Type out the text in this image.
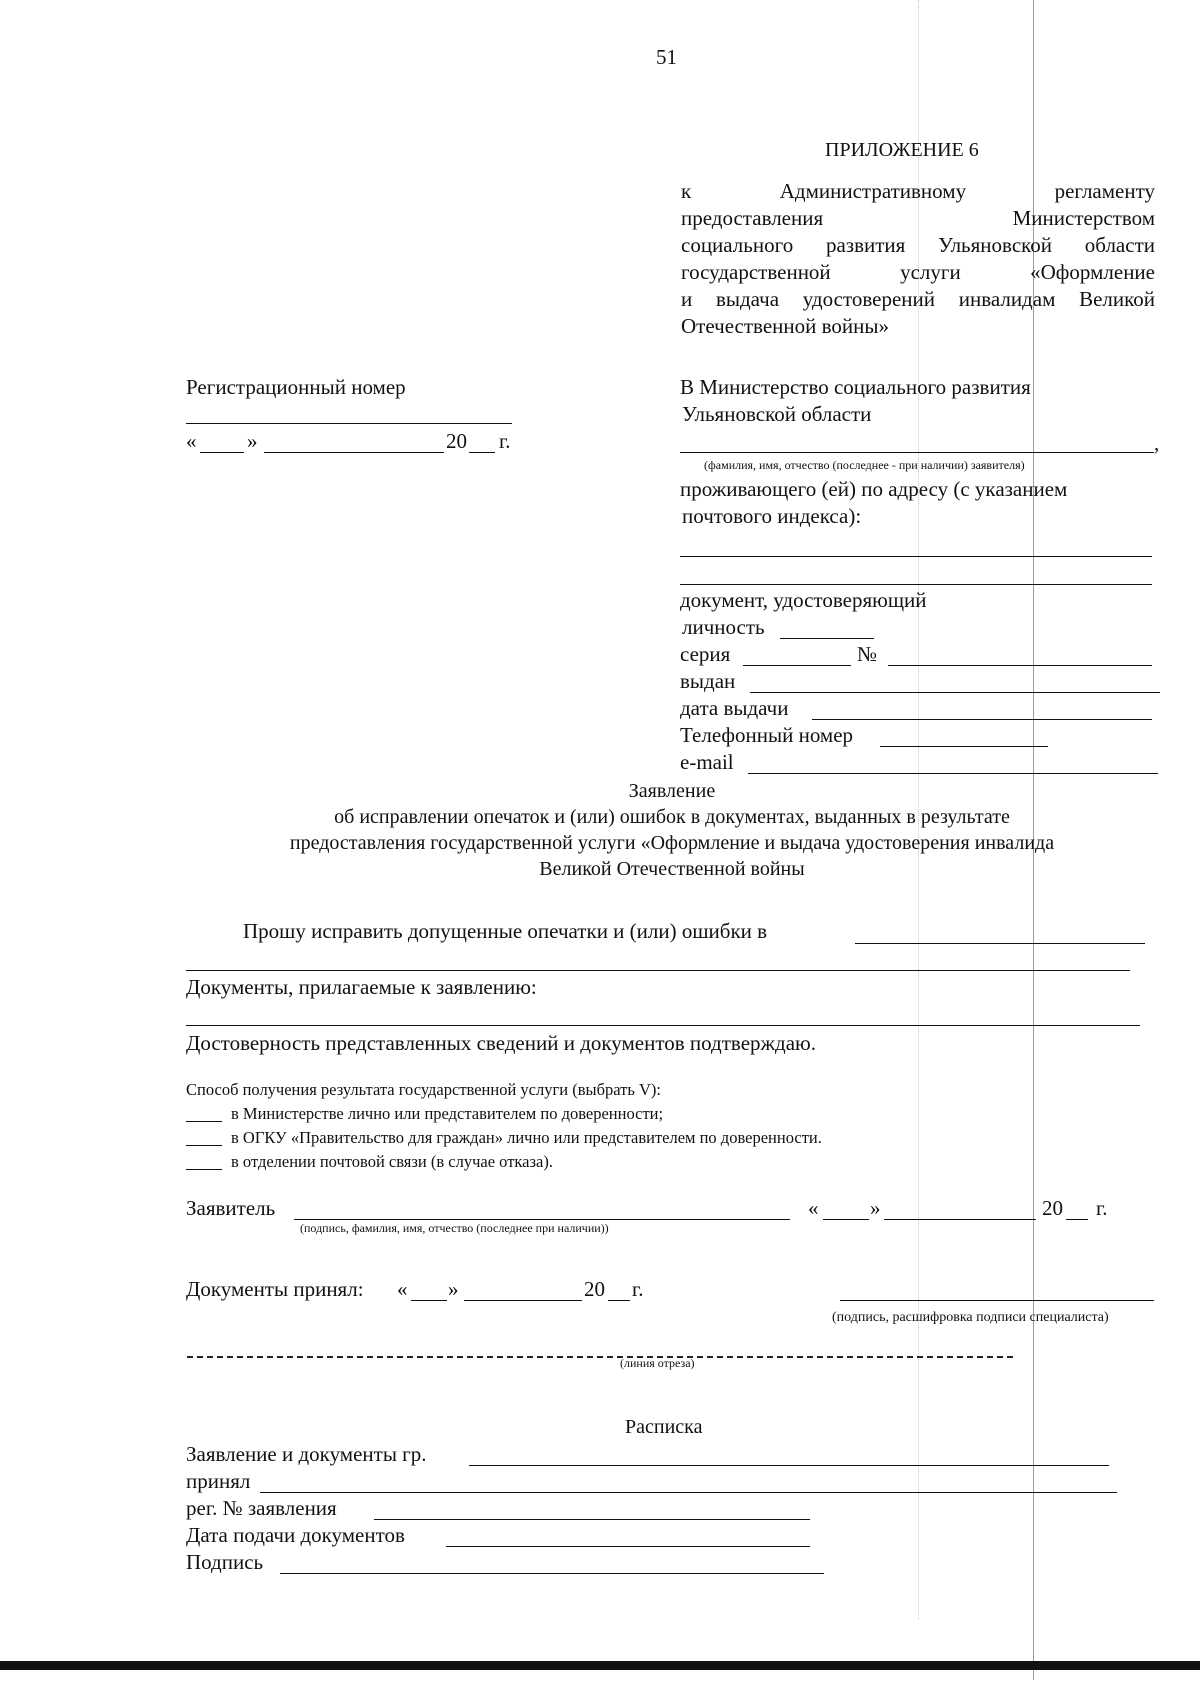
51
ПРИЛОЖЕНИЕ 6
к Административному регламенту
предоставления Министерством
социального развития Ульяновской области
государственной услуги «Оформление
и выдача удостоверений инвалидам Великой
Отечественной войны»
Регистрационный номер
« »	20 г.
В Министерство социального развития
Ульяновской области
,
(фамилия, имя, отчество (последнее - при наличии) заявителя)
проживающего (ей) по адресу (с указанием
почтового индекса):
документ, удостоверяющий
личность
серия	№
выдан
дата выдачи
Телефонный номер
e-mail
Заявление
об исправлении опечаток и (или) ошибок в документах, выданных в результате
предоставления государственной услуги «Оформление и выдача удостоверения инвалида
Великой Отечественной войны
Прошу исправить допущенные опечатки и (или) ошибки в
Документы, прилагаемые к заявлению:
Достоверность представленных сведений и документов подтверждаю.
Способ получения результата государственной услуги (выбрать V):
в Министерстве лично или представителем по доверенности;
в ОГКУ «Правительство для граждан» лично или представителем по доверенности.
в отделении почтовой связи (в случае отказа).
Заявитель
(подпись, фамилия, имя, отчество (последнее при наличии))
« »	20 г.
Документы принял: « »	20 г.
(подпись, расшифровка подписи специалиста)
(линия отреза)
Расписка
Заявление и документы гр.
принял
рег. № заявления
Дата подачи документов
Подпись
